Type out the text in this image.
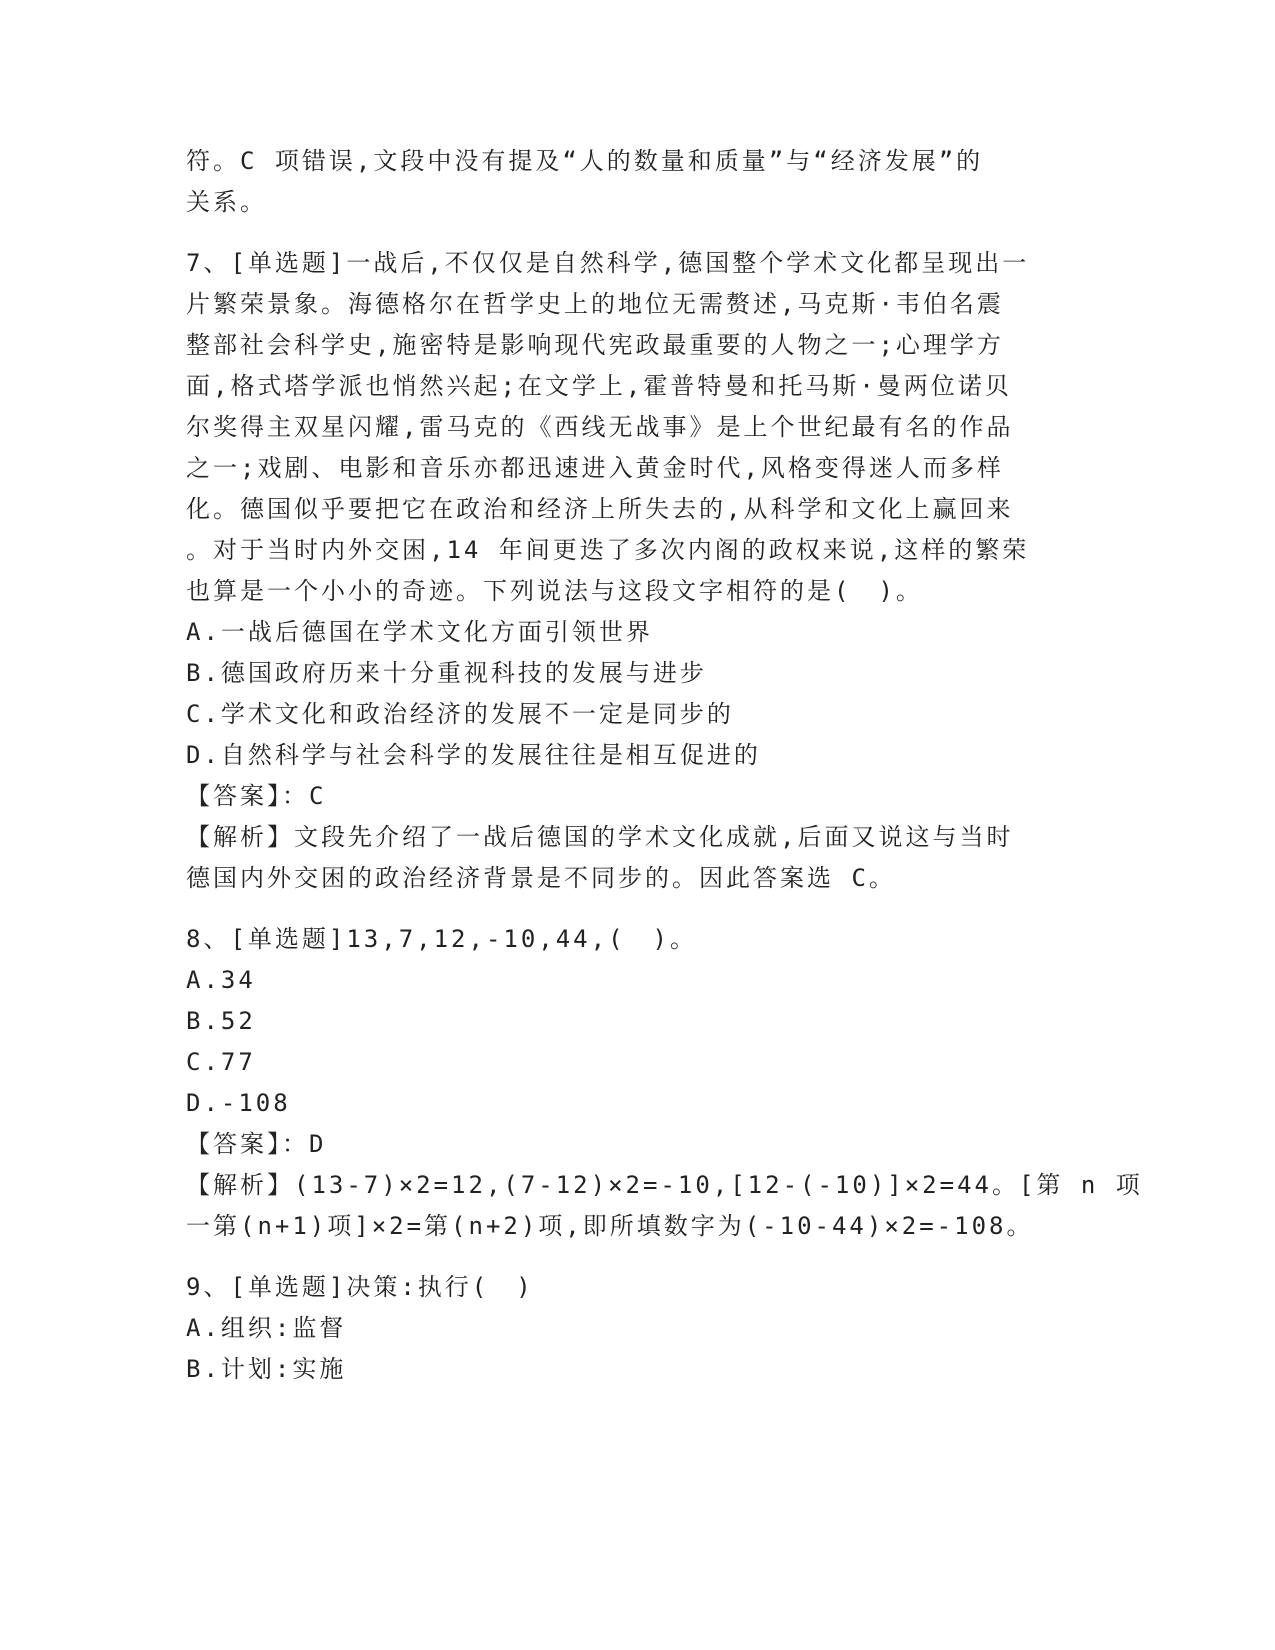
符。C 项错误,文段中没有提及“人的数量和质量”与“经济发展”的
关系。
7、[单选题]一战后,不仅仅是自然科学,德国整个学术文化都呈现出一
片繁荣景象。海德格尔在哲学史上的地位无需赘述,马克斯·韦伯名震
整部社会科学史,施密特是影响现代宪政最重要的人物之一;心理学方
面,格式塔学派也悄然兴起;在文学上,霍普特曼和托马斯·曼两位诺贝
尔奖得主双星闪耀,雷马克的《西线无战事》是上个世纪最有名的作品
之一;戏剧、电影和音乐亦都迅速进入黄金时代,风格变得迷人而多样
化。德国似乎要把它在政治和经济上所失去的,从科学和文化上赢回来
。对于当时内外交困,14 年间更迭了多次内阁的政权来说,这样的繁荣
也算是一个小小的奇迹。下列说法与这段文字相符的是(　)。
A.一战后德国在学术文化方面引领世界
B.德国政府历来十分重视科技的发展与进步
C.学术文化和政治经济的发展不一定是同步的
D.自然科学与社会科学的发展往往是相互促进的
【答案】：C
【解析】文段先介绍了一战后德国的学术文化成就,后面又说这与当时
德国内外交困的政治经济背景是不同步的。因此答案选 C。
8、[单选题]13,7,12,-10,44,(　)。
A.34
B.52
C.77
D.-108
【答案】：D
【解析】(13-7)×2=12,(7-12)×2=-10,[12-(-10)]×2=44。[第 n 项
一第(n+1)项]×2=第(n+2)项,即所填数字为(-10-44)×2=-108。
9、[单选题]决策:执行(　)
A.组织:监督
B.计划:实施
